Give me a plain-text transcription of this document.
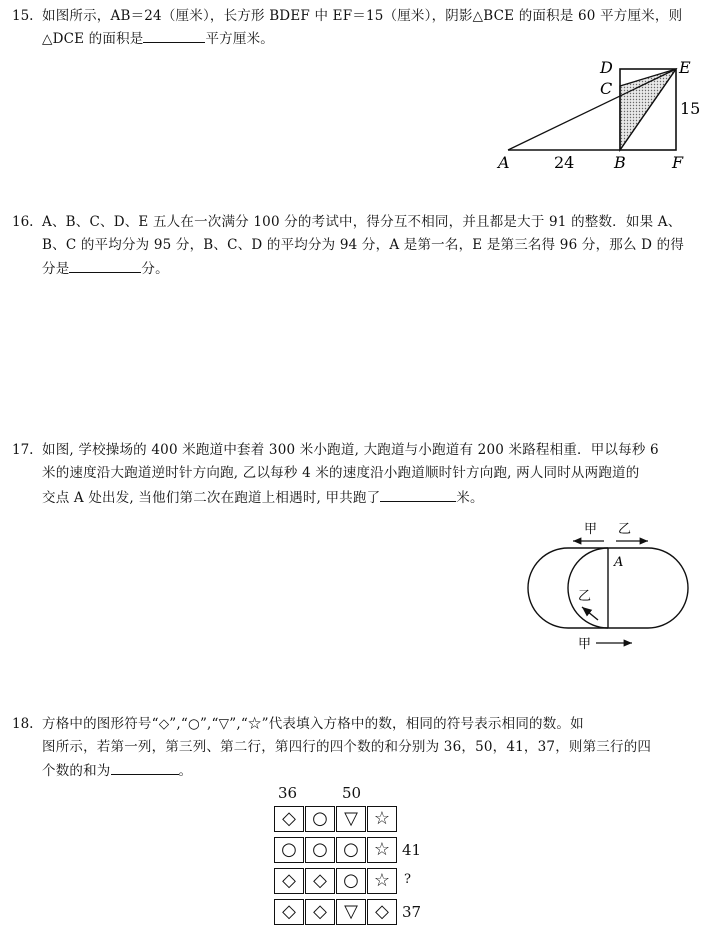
15. 如图所示，AB＝24（厘米），长方形 BDEF 中 EF＝15（厘米），阴影△BCE 的面积是 60 平方厘米，则
△DCE 的面积是	平方厘米。
D
C
E
A	B	F
24
15
16. A、B、C、D、E 五人在一次满分 100 分的考试中，得分互不相同，并且都是大于 91 的整数．如果 A、
B、C 的平均分为 95 分，B、C、D 的平均分为 94 分，A 是第一名，E 是第三名得 96 分，那么 D 的得
分是	分。
17. 如图, 学校操场的 400 米跑道中套着 300 米小跑道, 大跑道与小跑道有 200 米路程相重．甲以每秒 6
米的速度沿大跑道逆时针方向跑, 乙以每秒 4 米的速度沿小跑道顺时针方向跑, 两人同时从两跑道的
交点 A 处出发, 当他们第二次在跑道上相遇时, 甲共跑了	米。
甲 乙
A
乙
甲
18. 方格中的图形符号“◇”,“○”,“▽”,“☆”代表填入方格中的数，相同的符号表示相同的数。如
图所示，若第一列，第三列、第二行，第四行的四个数的和分别为 36，50，41，37，则第三行的四
个数的和为	。
36	50
◇ ○ ▽ ☆
○ ○ ○ ☆ 41
◇ ◇ ○ ☆	?
◇ ◇ ▽ ◇ 37
